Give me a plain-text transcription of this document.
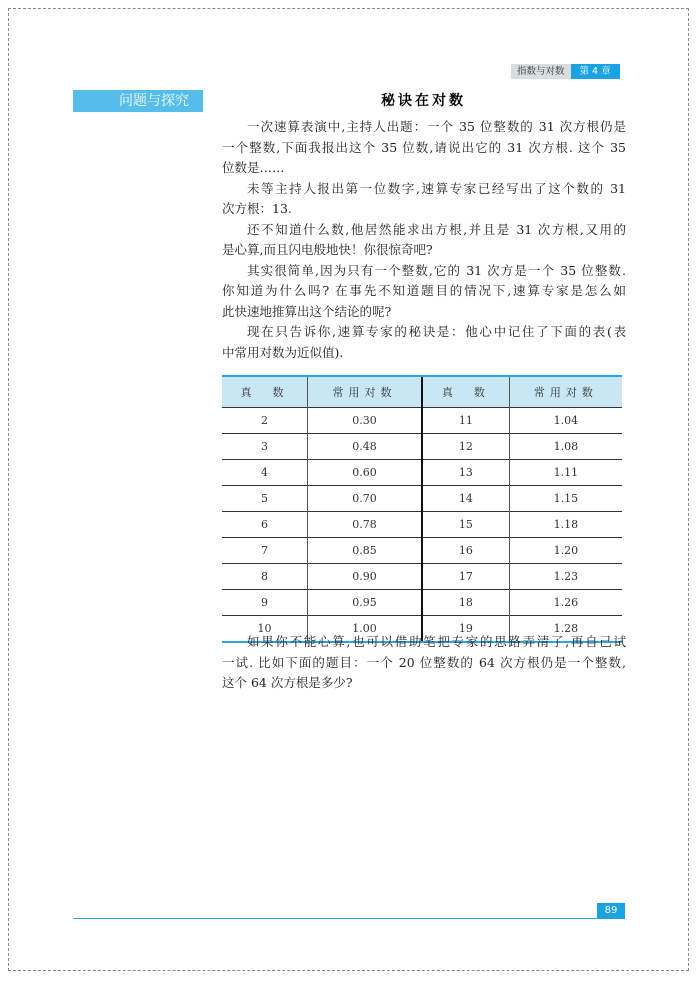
指数与对数	第 4 章
问题与探究	秘诀在对数

一次速算表演中,主持人出题：一个 35 位整数的 31 次方根仍是
一个整数,下面我报出这个 35 位数,请说出它的 31 次方根. 这个 35
位数是……

未等主持人报出第一位数字,速算专家已经写出了这个数的 31
次方根：13.

还不知道什么数,他居然能求出方根,并且是 31 次方根,又用的
是心算,而且闪电般地快！你很惊奇吧?

其实很简单,因为只有一个整数,它的 31 次方是一个 35 位整数.
你知道为什么吗? 在事先不知道题目的情况下,速算专家是怎么如
此快速地推算出这个结论的呢?

现在只告诉你,速算专家的秘诀是：他心中记住了下面的表(表
中常用对数为近似值).

真　数	常用对数	真　数	常用对数
2	0.30	11	1.04
3	0.48	12	1.08
4	0.60	13	1.11
5	0.70	14	1.15
6	0.78	15	1.18
7	0.85	16	1.20
8	0.90	17	1.23
9	0.95	18	1.26
10	1.00	19	1.28

如果你不能心算,也可以借助笔把专家的思路弄清了,再自己试
一试. 比如下面的题目：一个 20 位整数的 64 次方根仍是一个整数,
这个 64 次方根是多少?

89
